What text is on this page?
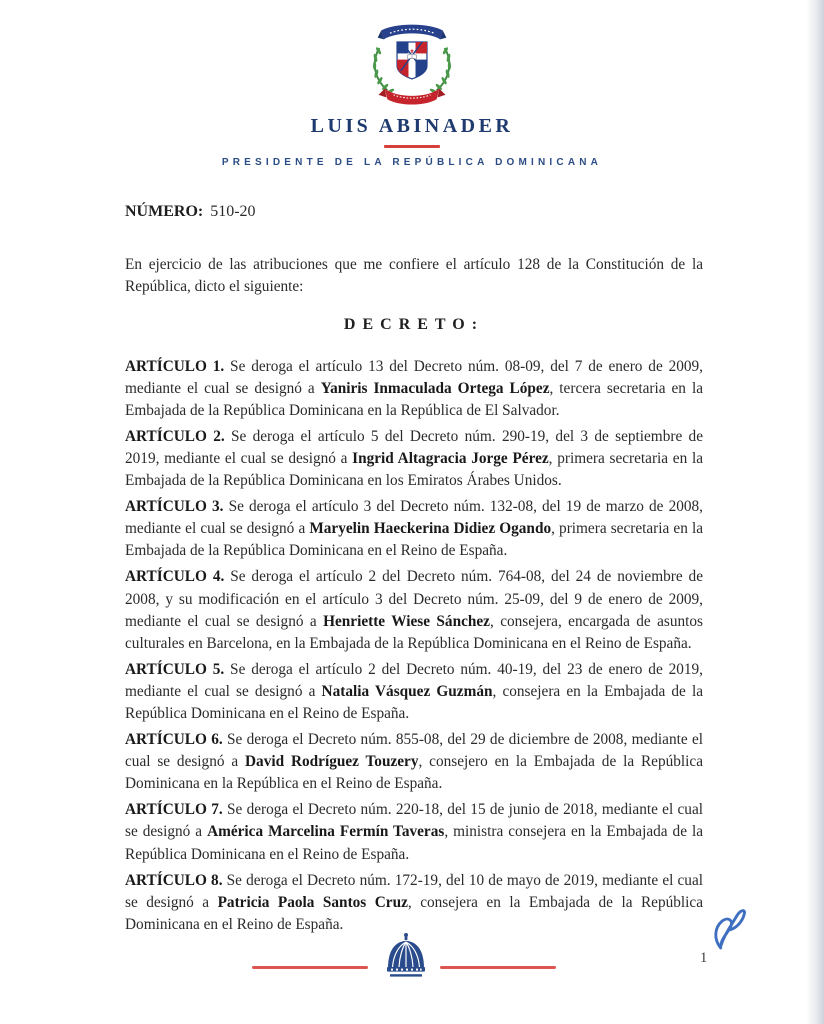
LUIS ABINADER
PRESIDENTE DE LA REPÚBLICA DOMINICANA

NÚMERO: 510-20

En ejercicio de las atribuciones que me confiere el artículo 128 de la Constitución de la República, dicto el siguiente:

DECRETO:

ARTÍCULO 1. Se deroga el artículo 13 del Decreto núm. 08-09, del 7 de enero de 2009, mediante el cual se designó a Yaniris Inmaculada Ortega López, tercera secretaria en la Embajada de la República Dominicana en la República de El Salvador.

ARTÍCULO 2. Se deroga el artículo 5 del Decreto núm. 290-19, del 3 de septiembre de 2019, mediante el cual se designó a Ingrid Altagracia Jorge Pérez, primera secretaria en la Embajada de la República Dominicana en los Emiratos Árabes Unidos.

ARTÍCULO 3. Se deroga el artículo 3 del Decreto núm. 132-08, del 19 de marzo de 2008, mediante el cual se designó a Maryelin Haeckerina Didiez Ogando, primera secretaria en la Embajada de la República Dominicana en el Reino de España.

ARTÍCULO 4. Se deroga el artículo 2 del Decreto núm. 764-08, del 24 de noviembre de 2008, y su modificación en el artículo 3 del Decreto núm. 25-09, del 9 de enero de 2009, mediante el cual se designó a Henriette Wiese Sánchez, consejera, encargada de asuntos culturales en Barcelona, en la Embajada de la República Dominicana en el Reino de España.

ARTÍCULO 5. Se deroga el artículo 2 del Decreto núm. 40-19, del 23 de enero de 2019, mediante el cual se designó a Natalia Vásquez Guzmán, consejera en la Embajada de la República Dominicana en el Reino de España.

ARTÍCULO 6. Se deroga el Decreto núm. 855-08, del 29 de diciembre de 2008, mediante el cual se designó a David Rodríguez Touzery, consejero en la Embajada de la República Dominicana en la República en el Reino de España.

ARTÍCULO 7. Se deroga el Decreto núm. 220-18, del 15 de junio de 2018, mediante el cual se designó a América Marcelina Fermín Taveras, ministra consejera en la Embajada de la República Dominicana en el Reino de España.

ARTÍCULO 8. Se deroga el Decreto núm. 172-19, del 10 de mayo de 2019, mediante el cual se designó a Patricia Paola Santos Cruz, consejera en la Embajada de la República Dominicana en el Reino de España.

1
